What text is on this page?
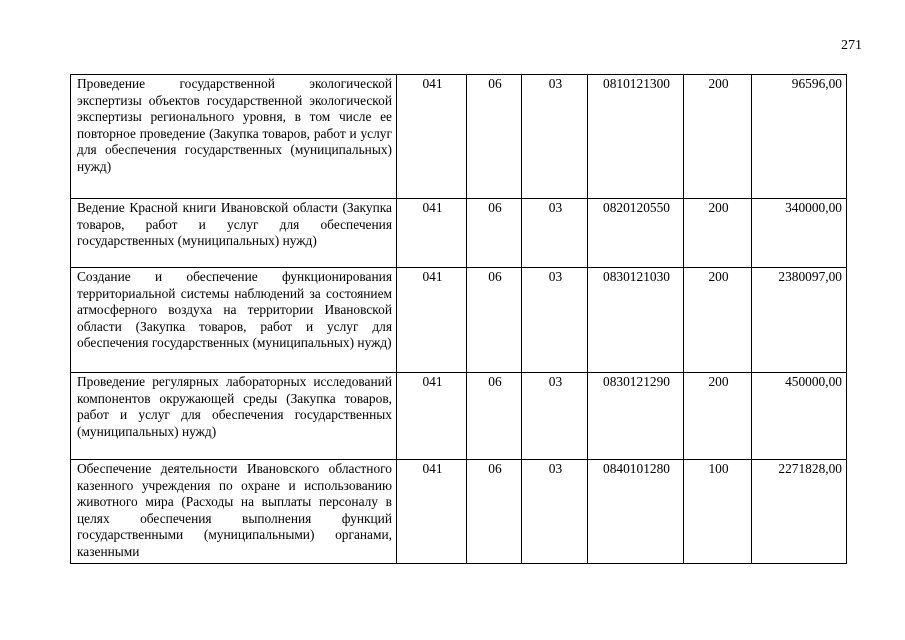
271
Проведение государственной экологической экспертизы объектов государственной экологической экспертизы регионального уровня, в том числе ее повторное проведение (Закупка товаров, работ и услуг для обеспечения государственных (муниципальных) нужд)	041	06	03	0810121300	200	96596,00
Ведение Красной книги Ивановской области (Закупка товаров, работ и услуг для обеспечения государственных (муниципальных) нужд)	041	06	03	0820120550	200	340000,00
Создание и обеспечение функционирования территориальной системы наблюдений за состоянием атмосферного воздуха на территории Ивановской области (Закупка товаров, работ и услуг для обеспечения государственных (муниципальных) нужд)	041	06	03	0830121030	200	2380097,00
Проведение регулярных лабораторных исследований компонентов окружающей среды (Закупка товаров, работ и услуг для обеспечения государственных (муниципальных) нужд)	041	06	03	0830121290	200	450000,00
Обеспечение деятельности Ивановского областного казенного учреждения по охране и использованию животного мира (Расходы на выплаты персоналу в целях обеспечения выполнения функций государственными (муниципальными) органами, казенными	041	06	03	0840101280	100	2271828,00
